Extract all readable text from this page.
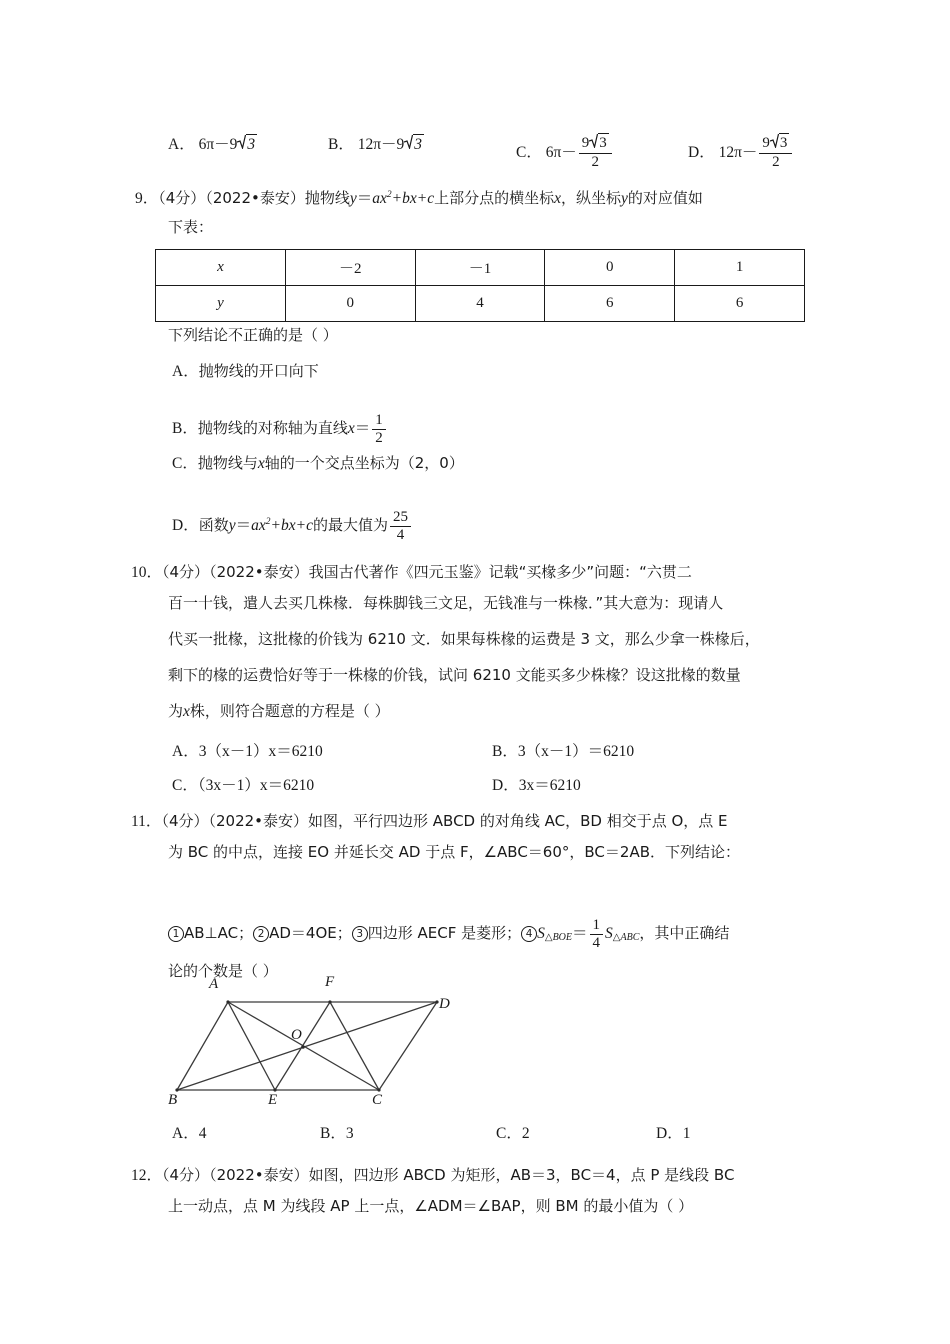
A． 6π－9 3	B． 12π－9 3	C． $6\pi- \frac{9 3}{2}$	D． $12\pi- \frac{9 3}{2}$
9．（4分）（2022•泰安）抛物线$y=ax^2+bx+c$上部分点的横坐标x，纵坐标y的对应值如
下表：
x	－2	－1	0	1
y	0	4	6	6
下列结论不正确的是（ ）
A．抛物线的开口向下
B．抛物线的对称轴为直线$x= \frac{1}{2}$
C．抛物线与x轴的一个交点坐标为（2，0）
D．函数$y=ax^2+bx+c$的最大值为 $\frac{25}{4}$
10．（4分）（2022•泰安）我国古代著作《四元玉鉴》记载“买椽多少”问题：“六贯二
百一十钱，遣人去买几株椽．每株脚钱三文足，无钱准与一株椽．”其大意为：现请人
代买一批椽，这批椽的价钱为 6210 文．如果每株椽的运费是 3 文，那么少拿一株椽后，
剩下的椽的运费恰好等于一株椽的价钱，试问 6210 文能买多少株椽？设这批椽的数量
为x株，则符合题意的方程是（ ）
A．3（x－1）x＝6210	B．3（x－1）＝6210
C．（3x－1）x＝6210	D．3x＝6210
11．（4分）（2022•泰安）如图，平行四边形 ABCD 的对角线 AC，BD 相交于点 O，点 E
为 BC 的中点，连接 EO 并延长交 AD 于点 F，∠ABC＝60°，BC＝2AB．下列结论：
1 AB⊥AC； 2 AD＝4OE； 3 四边形 AECF 是菱形； 4 $S_{\triangle BOE}= \frac{1}{4} S_{\triangle ABC}$，其中正确结
论的个数是（ ）
A
D
B	C
E
F
O
A．4	B．3	C．2	D．1
12．（4分）（2022•泰安）如图，四边形 ABCD 为矩形，AB＝3，BC＝4，点 P 是线段 BC
上一动点，点 M 为线段 AP 上一点，∠ADM＝∠BAP，则 BM 的最小值为（ ）
